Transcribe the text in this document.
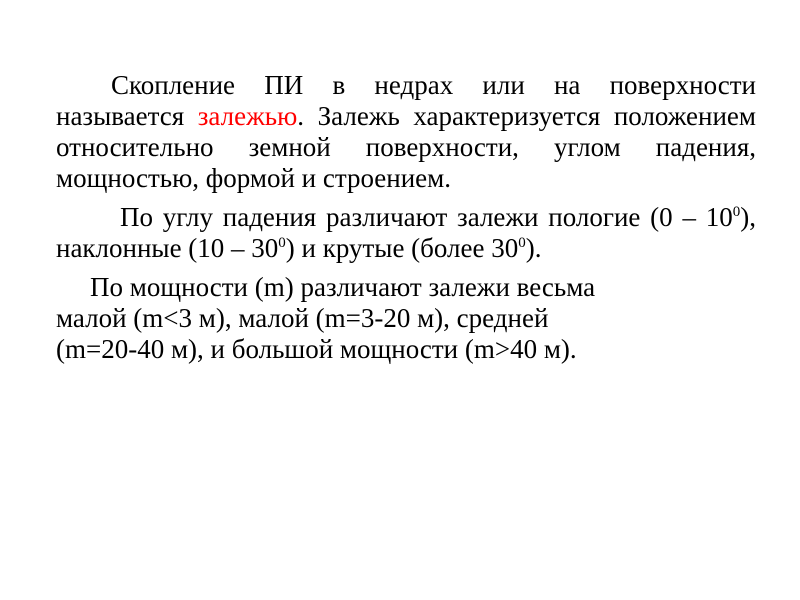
Скопление ПИ в недрах или на поверхности называется залежью. Залежь характеризуется положением относительно земной поверхности, углом падения, мощностью, формой и строением.

По углу падения различают залежи пологие $(0 - 10^0)$, наклонные $(10 - 30^0)$ и крутые (более $30^0$).

По мощности (m) различают залежи весьма
малой (m<3 м), малой (m=3-20 м), средней
(m=20-40 м), и большой мощности (m>40 м).
